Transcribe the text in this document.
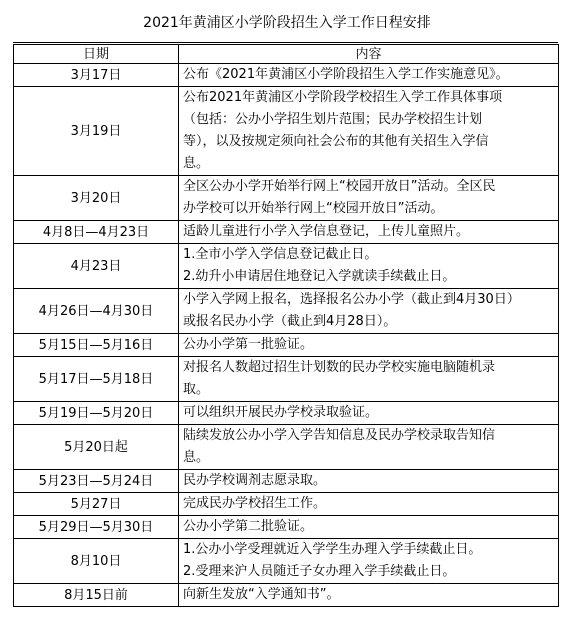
2021年黄浦区小学阶段招生入学工作日程安排
日期	内容
3月17日	公布《2021年黄浦区小学阶段招生入学工作实施意见》。

3月19日	公布2021年黄浦区小学阶段学校招生入学工作具体事项
（包括：公办小学招生划片范围；民办学校招生计划
等），以及按规定须向社会公布的其他有关招生入学信
息。

3月20日	全区公办小学开始举行网上“校园开放日”活动。全区民
办学校可以开始举行网上“校园开放日”活动。

4月8日—4月23日	适龄儿童进行小学入学信息登记，上传儿童照片。

4月23日	1.全市小学入学信息登记截止日。
2.幼升小申请居住地登记入学就读手续截止日。

4月26日—4月30日	小学入学网上报名，选择报名公办小学（截止到4月30日）
或报名民办小学（截止到4月28日）。

5月15日—5月16日	公办小学第一批验证。

5月17日—5月18日	对报名人数超过招生计划数的民办学校实施电脑随机录
取。

5月19日—5月20日	可以组织开展民办学校录取验证。

5月20日起	陆续发放公办小学入学告知信息及民办学校录取告知信
息。

5月23日—5月24日	民办学校调剂志愿录取。

5月27日	完成民办学校招生工作。

5月29日—5月30日	公办小学第二批验证。

8月10日	1.公办小学受理就近入学学生办理入学手续截止日。
2.受理来沪人员随迁子女办理入学手续截止日。

8月15日前	向新生发放“入学通知书”。
